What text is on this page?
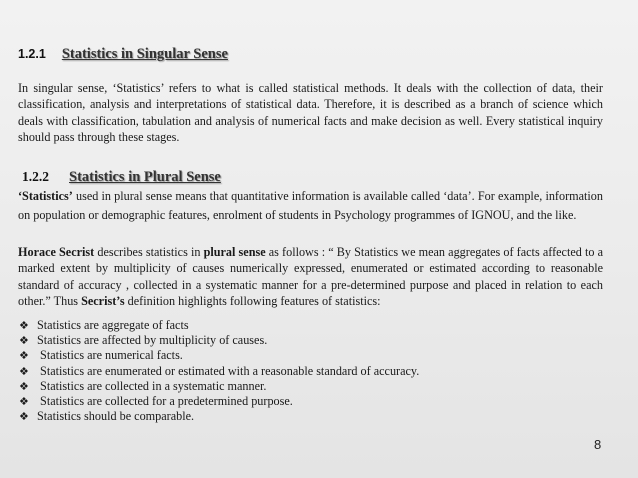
1.2.1 Statistics in Singular Sense

In singular sense, ‘Statistics’ refers to what is called statistical methods. It deals with the collection of data, their classification, analysis and interpretations of statistical data. Therefore, it is described as a branch of science which deals with classification, tabulation and analysis of numerical facts and make decision as well. Every statistical inquiry should pass through these stages.

1.2.2 Statistics in Plural Sense

‘Statistics’ used in plural sense means that quantitative information is available called ‘data’. For example, information on population or demographic features, enrolment of students in Psychology programmes of IGNOU, and the like.

Horace Secrist describes statistics in plural sense as follows : “ By Statistics we mean aggregates of facts affected to a marked extent by multiplicity of causes numerically expressed, enumerated or estimated according to reasonable standard of accuracy , collected in a systematic manner for a pre-determined purpose and placed in relation to each other.” Thus Secrist’s definition highlights following features of statistics:

❖ Statistics are aggregate of facts
❖ Statistics are affected by multiplicity of causes.
❖ Statistics are numerical facts.
❖ Statistics are enumerated or estimated with a reasonable standard of accuracy.
❖ Statistics are collected in a systematic manner.
❖ Statistics are collected for a predetermined purpose.
❖ Statistics should be comparable.
8
